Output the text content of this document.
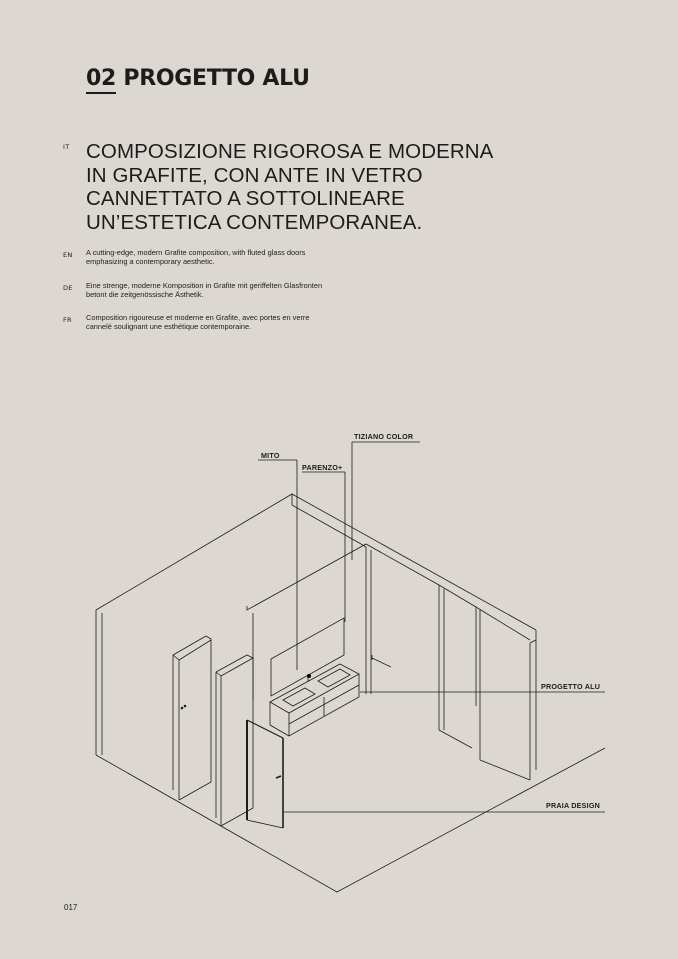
02 PROGETTO ALU
IT COMPOSIZIONE RIGOROSA E MODERNA
IN GRAFITE, CON ANTE IN VETRO
CANNETTATO A SOTTOLINEARE
UN’ESTETICA CONTEMPORANEA.
EN A cutting-edge, modern Grafite composition, with fluted glass doors
emphasizing a contemporary aesthetic.
DE Eine strenge, moderne Komposition in Grafite mit geriffelten Glasfronten
betont die zeitgenössische Ästhetik.
FR Composition rigoureuse et moderne en Grafite, avec portes en verre
cannelé soulignant une esthétique contemporaine.
TIZIANO COLOR
MITO
PARENZO+
PROGETTO ALU
PRAIA DESIGN
017
